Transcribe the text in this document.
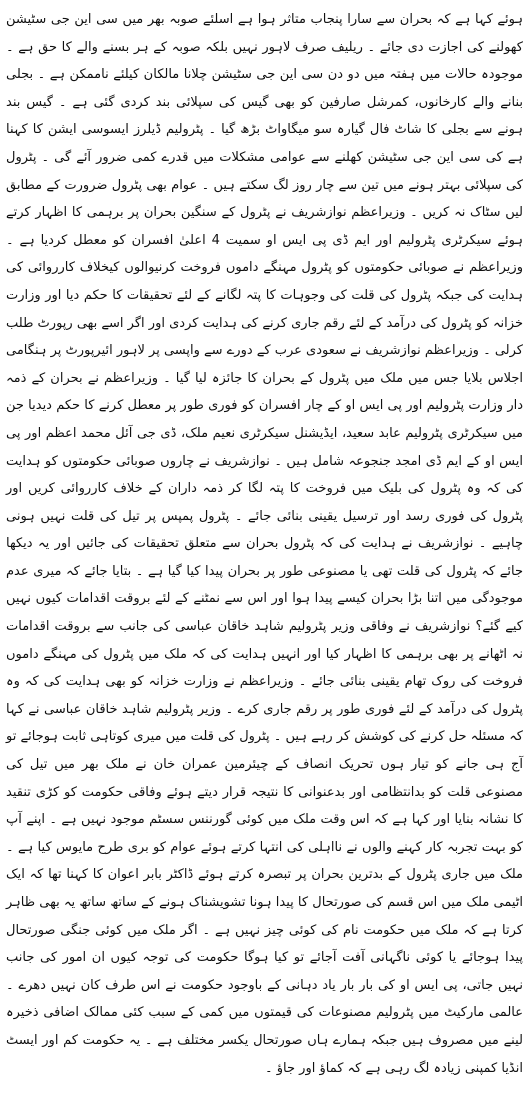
ہوئے کہا ہے کہ بحران سے سارا پنجاب متاثر ہوا ہے اسلئے صوبہ بھر میں سی این جی سٹیشن کھولنے کی اجازت دی جائے ۔ ریلیف صرف لاہور نہیں بلکہ صوبہ کے ہر بسنے والے کا حق ہے ۔ موجودہ حالات میں ہفتہ میں دو دن سی این جی سٹیشن چلانا مالکان کیلئے ناممکن ہے ۔ بجلی بنانے والے کارخانوں، کمرشل صارفین کو بھی گیس کی سپلائی بند کردی گئی ہے ۔ گیس بند ہونے سے بجلی کا شاٹ فال گیارہ سو میگاواٹ بڑھ گیا ۔ پٹرولیم ڈیلرز ایسوسی ایشن کا کہنا ہے کی سی این جی سٹیشن کھلنے سے عوامی مشکلات میں قدرے کمی ضرور آئے گی ۔ پٹرول کی سپلائی بہتر ہونے میں تین سے چار روز لگ سکتے ہیں ۔ عوام بھی پٹرول ضرورت کے مطابق لیں سٹاک نہ کریں ۔ وزیراعظم نوازشریف نے پٹرول کے سنگین بحران پر برہمی کا اظہار کرتے ہوئے سیکرٹری پٹرولیم اور ایم ڈی پی ایس او سمیت 4 اعلیٰ افسران کو معطل کردیا ہے ۔ وزیراعظم نے صوبائی حکومتوں کو پٹرول مہنگے داموں فروخت کرنیوالوں کیخلاف کارروائی کی ہدایت کی جبکہ پٹرول کی قلت کی وجوہات کا پتہ لگانے کے لئے تحقیقات کا حکم دیا اور وزارت خزانہ کو پٹرول کی درآمد کے لئے رقم جاری کرنے کی ہدایت کردی اور اگر اسے بھی رپورٹ طلب کرلی ۔ وزیراعظم نوازشریف نے سعودی عرب کے دورے سے واپسی پر لاہور ائیرپورٹ پر ہنگامی اجلاس بلایا جس میں ملک میں پٹرول کے بحران کا جائزہ لیا گیا ۔ وزیراعظم نے بحران کے ذمہ دار وزارت پٹرولیم اور پی ایس او کے چار افسران کو فوری طور پر معطل کرنے کا حکم دیدیا جن میں سیکرٹری پٹرولیم عابد سعید، ایڈیشنل سیکرٹری نعیم ملک، ڈی جی آئل محمد اعظم اور پی ایس او کے ایم ڈی امجد جنجوعہ شامل ہیں ۔ نوازشریف نے چاروں صوبائی حکومتوں کو ہدایت کی کہ وہ پٹرول کی بلیک میں فروخت کا پتہ لگا کر ذمہ داران کے خلاف کارروائی کریں اور پٹرول کی فوری رسد اور ترسیل یقینی بنائی جائے ۔ پٹرول پمپس پر تیل کی قلت نہیں ہونی چاہیے ۔ نوازشریف نے ہدایت کی کہ پٹرول بحران سے متعلق تحقیقات کی جائیں اور یہ دیکھا جائے کہ پٹرول کی قلت تھی یا مصنوعی طور پر بحران پیدا کیا گیا ہے ۔ بتایا جائے کہ میری عدم موجودگی میں اتنا بڑا بحران کیسے پیدا ہوا اور اس سے نمٹنے کے لئے بروقت اقدامات کیوں نہیں کیے گئے؟ نوازشریف نے وفاقی وزیر پٹرولیم شاہد خاقان عباسی کی جانب سے بروقت اقدامات نہ اٹھانے پر بھی برہمی کا اظہار کیا اور انہیں ہدایت کی کہ ملک میں پٹرول کی مہنگے داموں فروخت کی روک تھام یقینی بنائی جائے ۔ وزیراعظم نے وزارت خزانہ کو بھی ہدایت کی کہ وہ پٹرول کی درآمد کے لئے فوری طور پر رقم جاری کرے ۔ وزیر پٹرولیم شاہد خاقان عباسی نے کہا کہ مسئلہ حل کرنے کی کوشش کر رہے ہیں ۔ پٹرول کی قلت میں میری کوتاہی ثابت ہوجائے تو آج ہی جانے کو تیار ہوں تحریک انصاف کے چیئرمین عمران خان نے ملک بھر میں تیل کی مصنوعی قلت کو بدانتظامی اور بدعنوانی کا نتیجہ قرار دیتے ہوئے وفاقی حکومت کو کڑی تنقید کا نشانہ بنایا اور کہا ہے کہ اس وقت ملک میں کوئی گورننس سسٹم موجود نہیں ہے ۔ اپنے آپ کو بہت تجربہ کار کہنے والوں نے نااہلی کی انتہا کرتے ہوئے عوام کو بری طرح مایوس کیا ہے ۔ ملک میں جاری پٹرول کے بدترین بحران پر تبصرہ کرتے ہوئے ڈاکٹر بابر اعوان کا کہنا تھا کہ ایک اٹیمی ملک میں اس قسم کی صورتحال کا پیدا ہونا تشویشناک ہونے کے ساتھ ساتھ یہ بھی ظاہر کرتا ہے کہ ملک میں حکومت نام کی کوئی چیز نہیں ہے ۔ اگر ملک میں کوئی جنگی صورتحال پیدا ہوجائے یا کوئی ناگہانی آفت آجائے تو کیا ہوگا حکومت کی توجہ کیوں ان امور کی جانب نہیں جاتی، پی ایس او کی بار بار یاد دہانی کے باوجود حکومت نے اس طرف کان نہیں دھرے ۔ عالمی مارکیٹ میں پٹرولیم مصنوعات کی قیمتوں میں کمی کے سبب کئی ممالک اضافی ذخیرہ لینے میں مصروف ہیں جبکہ ہمارے ہاں صورتحال یکسر مختلف ہے ۔ یہ حکومت کم اور ایسٹ انڈیا کمپنی زیادہ لگ رہی ہے کہ کماؤ اور جاؤ ۔
